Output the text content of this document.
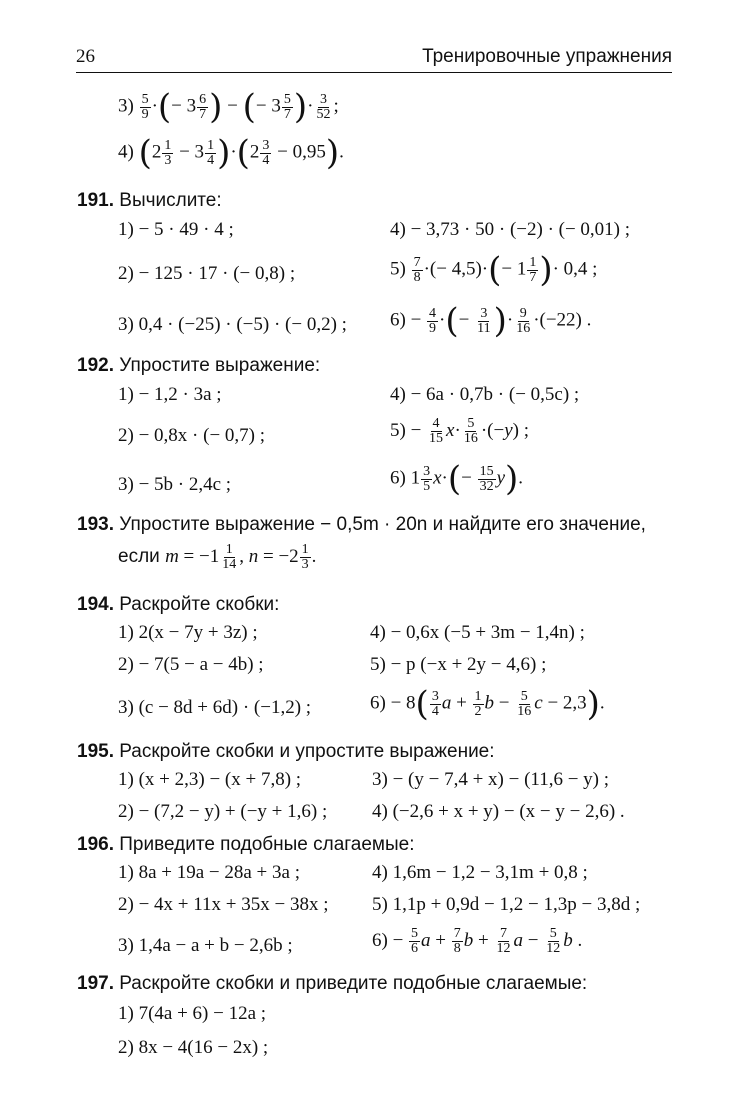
26	Тренировочные упражнения
$3) \frac{5}{9}$ ·(− $3 \frac{6}{7}$ ) − (− $3 \frac{5}{7}$ )· $\frac{3}{52}$ ;
4) $(2 \frac{1}{3} - 3 \frac{1}{4} )\cdot(2 \frac{3}{4} - 0,95)$.
191. Вычислите:
1) − 5 · 49 · 4 ;	4) − 3,73 · 50 · (−2) · (− 0,01) ;
2) − 125 · 17 · (− 0,8) ;	$5) \frac{7}{8}$ ·(− $4,5)\cdot(- 1 \frac{1}{7}$ )· 0,4 ;
3) 0,4 · (−25) · (−5) · (− 0,2) ; $6) - \frac{4}{9}$ ·(− $\frac{3}{11}$ )· $\frac{9}{16} \cdot(-22)$ .
192. Упростите выражение:
1) − 1,2 · 3a ;	4) − 6a · 0,7b · (− 0,5c) ;
2) − 0,8x · (− 0,7) ;	$5) - \frac{4}{15} x\cdot \frac{5}{16} \cdot(-y)$ ;
3) − 5b · 2,4c ;	6) $1 \frac{3}{5} x\cdot(- \frac{15}{32} y)$.
193. Упростите выражение − 0,5m · 20n и найдите его значение,
если $m = -1 \frac{1}{14}$ , $n = -2 \frac{1}{3}$ .
194. Раскройте скобки:
1) 2(x − 7y + 3z) ;	4) − 0,6x (−5 + 3m − 1,4n) ;
2) − 7(5 − a − 4b) ;	5) − p (−x + 2y − 4,6) ;
3) (c − 8d + 6d) · (−1,2) ;	$6) - 8( \frac{3}{4}$ $a + \frac{1}{2}$ $b - \frac{5}{16}$ c − 2,3).
195. Раскройте скобки и упростите выражение:
1) (x + 2,3) − (x + 7,8) ;	3) − (y − 7,4 + x) − (11,6 − y) ;
2) − (7,2 − y) + (−y + 1,6) ; 4) (−2,6 + x + y) − (x − y − 2,6) .
196. Приведите подобные слагаемые:
1) 8a + 19a − 28a + 3a ;	4) 1,6m − 1,2 − 3,1m + 0,8 ;
2) − 4x + 11x + 35x − 38x ; 5) 1,1p + 0,9d − 1,2 − 1,3p − 3,8d ;
3) 1,4a − a + b − 2,6b ;	$6) - \frac{5}{6}$ $a + \frac{7}{8}$ $b + \frac{7}{12}$ $a - \frac{5}{12}$ b .
197. Раскройте скобки и приведите подобные слагаемые:
1) 7(4a + 6) − 12a ;
2) 8x − 4(16 − 2x) ;
